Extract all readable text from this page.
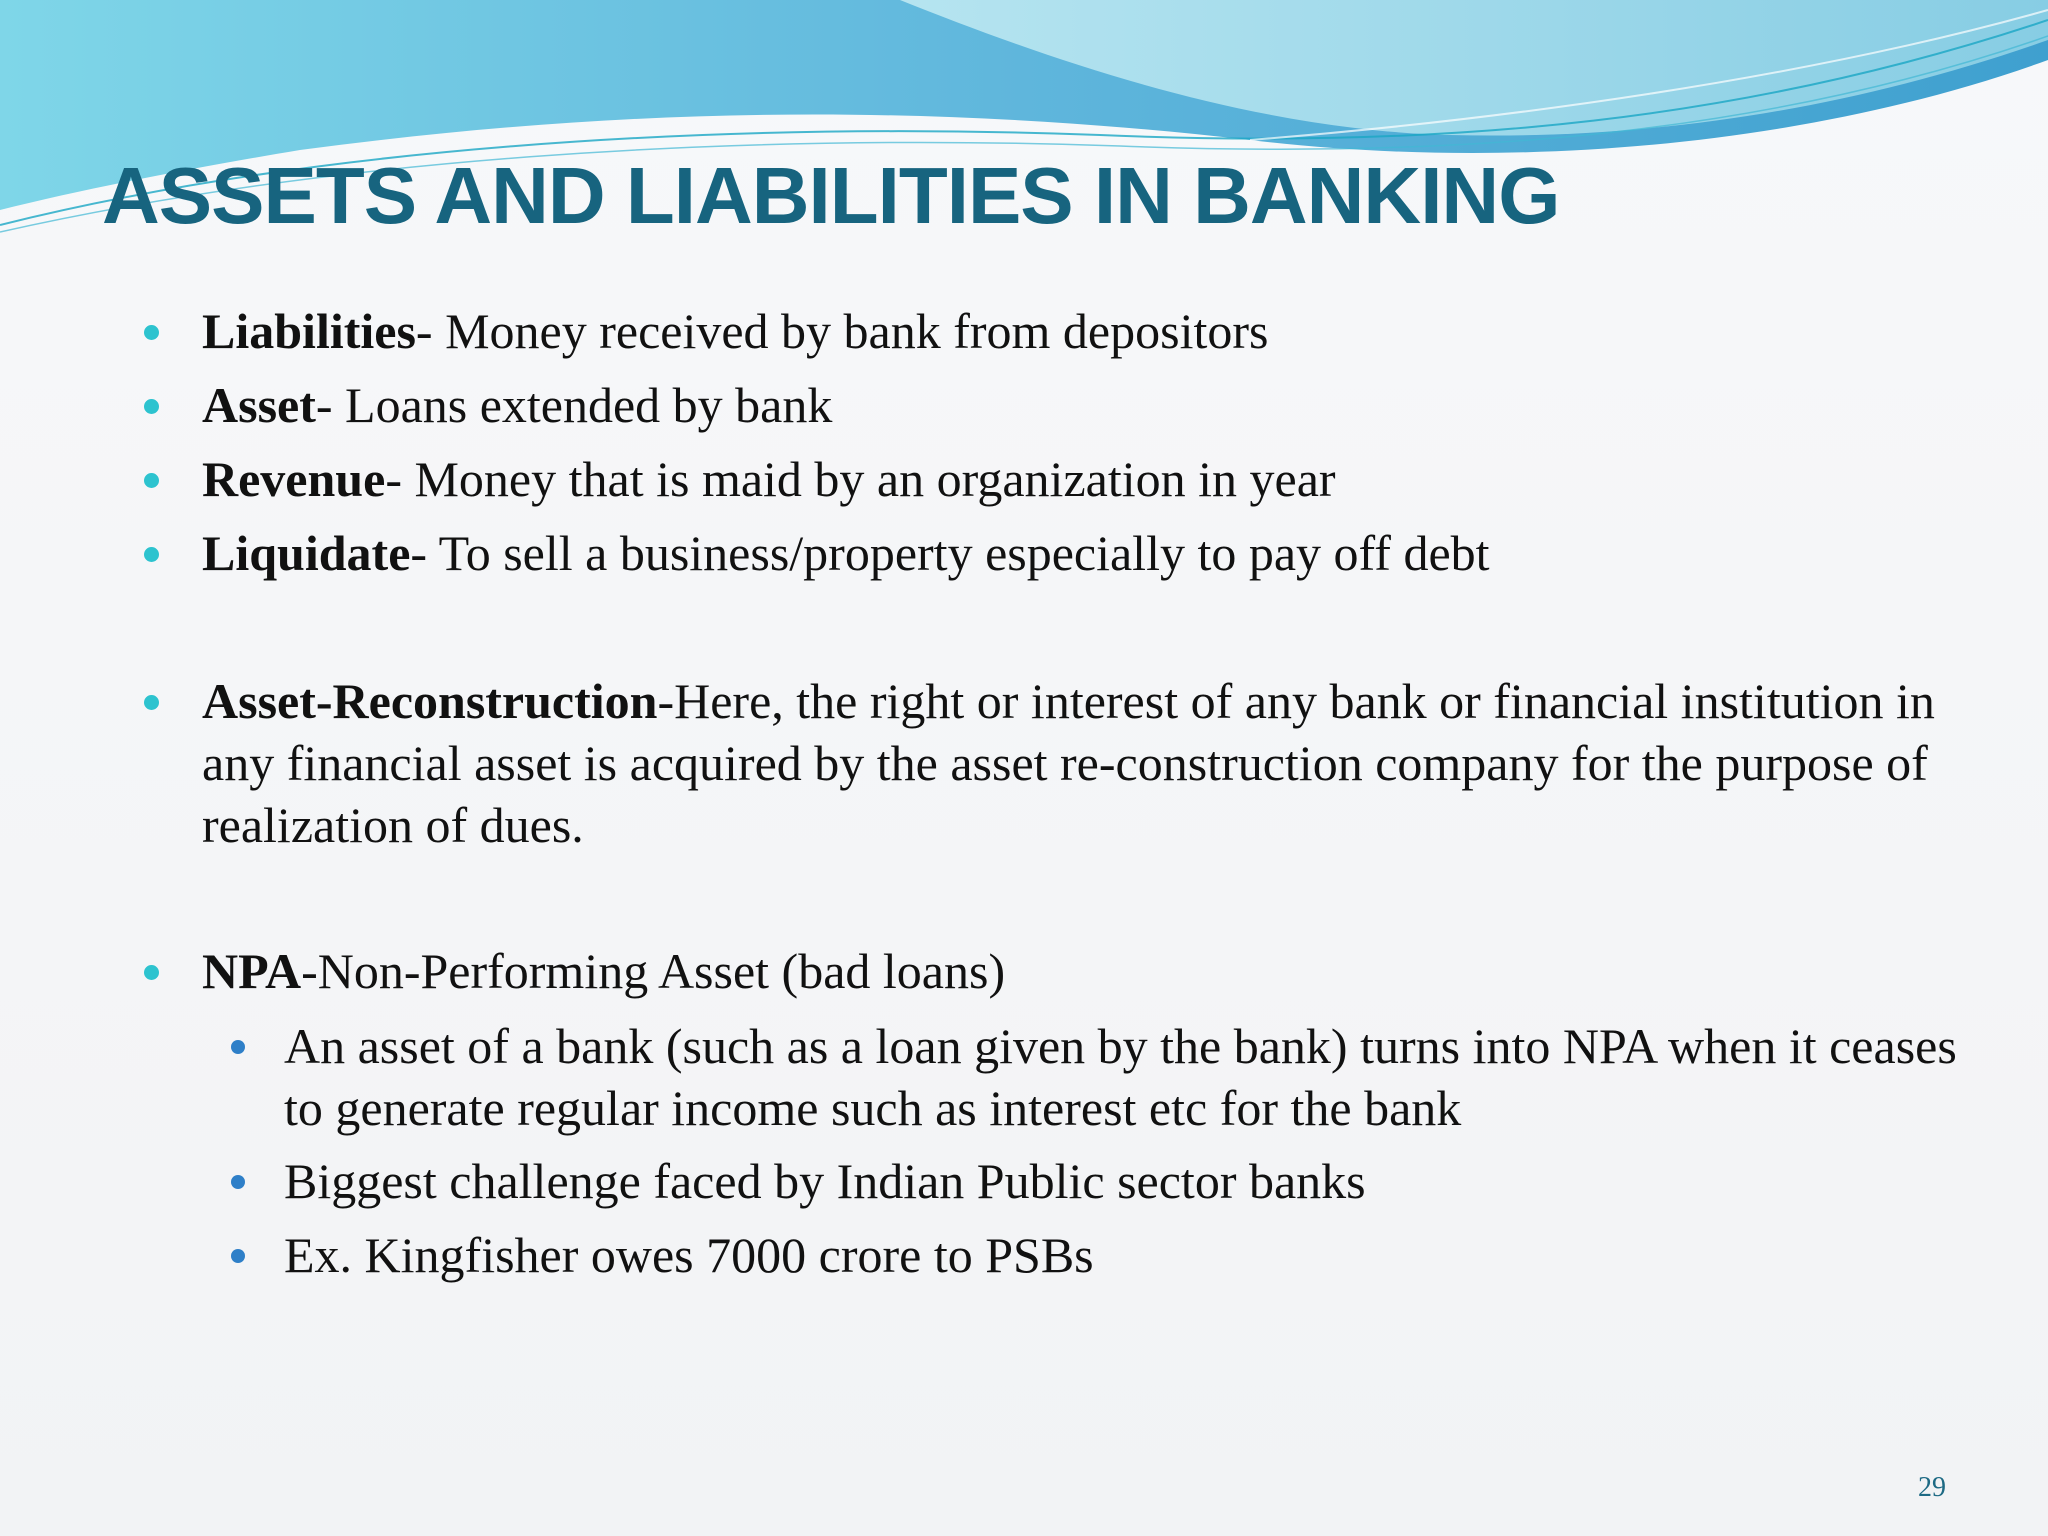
ASSETS AND LIABILITIES IN BANKING
Liabilities- Money received by bank from depositors
Asset- Loans extended by bank
Revenue- Money that is maid by an organization in year
Liquidate- To sell a business/property especially to pay off debt
Asset-Reconstruction-Here, the right or interest of any bank or financial institution in any financial asset is acquired by the asset re-construction company for the purpose of realization of dues.
NPA-Non-Performing Asset (bad loans)
An asset of a bank (such as a loan given by the bank) turns into NPA when it ceases to generate regular income such as interest etc for the bank
Biggest challenge faced by Indian Public sector banks
Ex. Kingfisher owes 7000 crore to PSBs
29
